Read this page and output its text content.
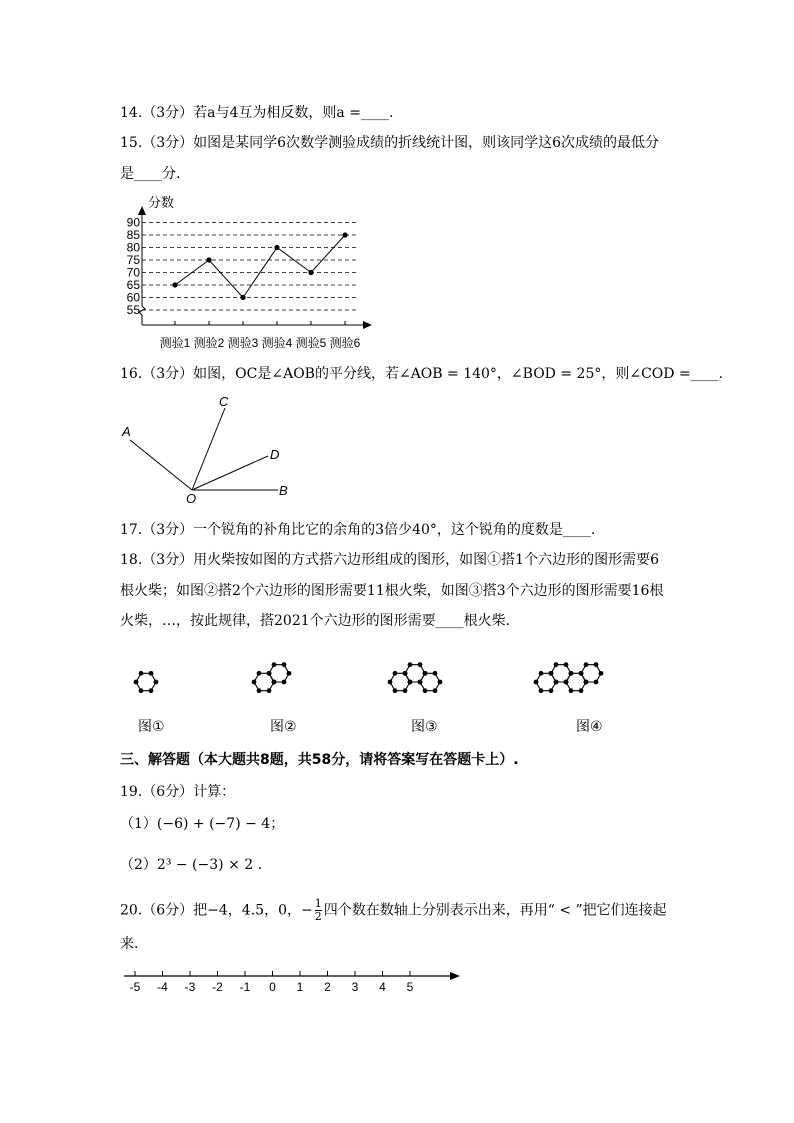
14.（3分）若a与4互为相反数，则a =____.
15.（3分）如图是某同学6次数学测验成绩的折线统计图，则该同学这6次成绩的最低分
是____分.
分数
55
60
65
70
75
80
85
90
测验1 测验2 测验3 测验4 测验5 测验6
16.（3分）如图，OC是∠AOB的平分线，若∠AOB = 140°，∠BOD = 25°，则∠COD =____.
A
C
D
O
B
17.（3分）一个锐角的补角比它的余角的3倍少40°，这个锐角的度数是____.
18.（3分）用火柴按如图的方式搭六边形组成的图形，如图①搭1个六边形的图形需要6
根火柴；如图②搭2个六边形的图形需要11根火柴，如图③搭3个六边形的图形需要16根
火柴，…，按此规律，搭2021个六边形的图形需要____根火柴.
图①	图②	图③	图④
三、解答题（本大题共8题，共58分，请将答案写在答题卡上）.
19.（6分）计算：
（1）(−6) + (−7) − 4；
（2）2³ − (−3) × 2 .
20.（6分）把−4，4.5，0，− $\frac{1}{2}$ 四个数在数轴上分别表示出来，再用“ < ”把它们连接起
来.
-5 -4 -3 -2 -1 0 1 2 3 4 5
